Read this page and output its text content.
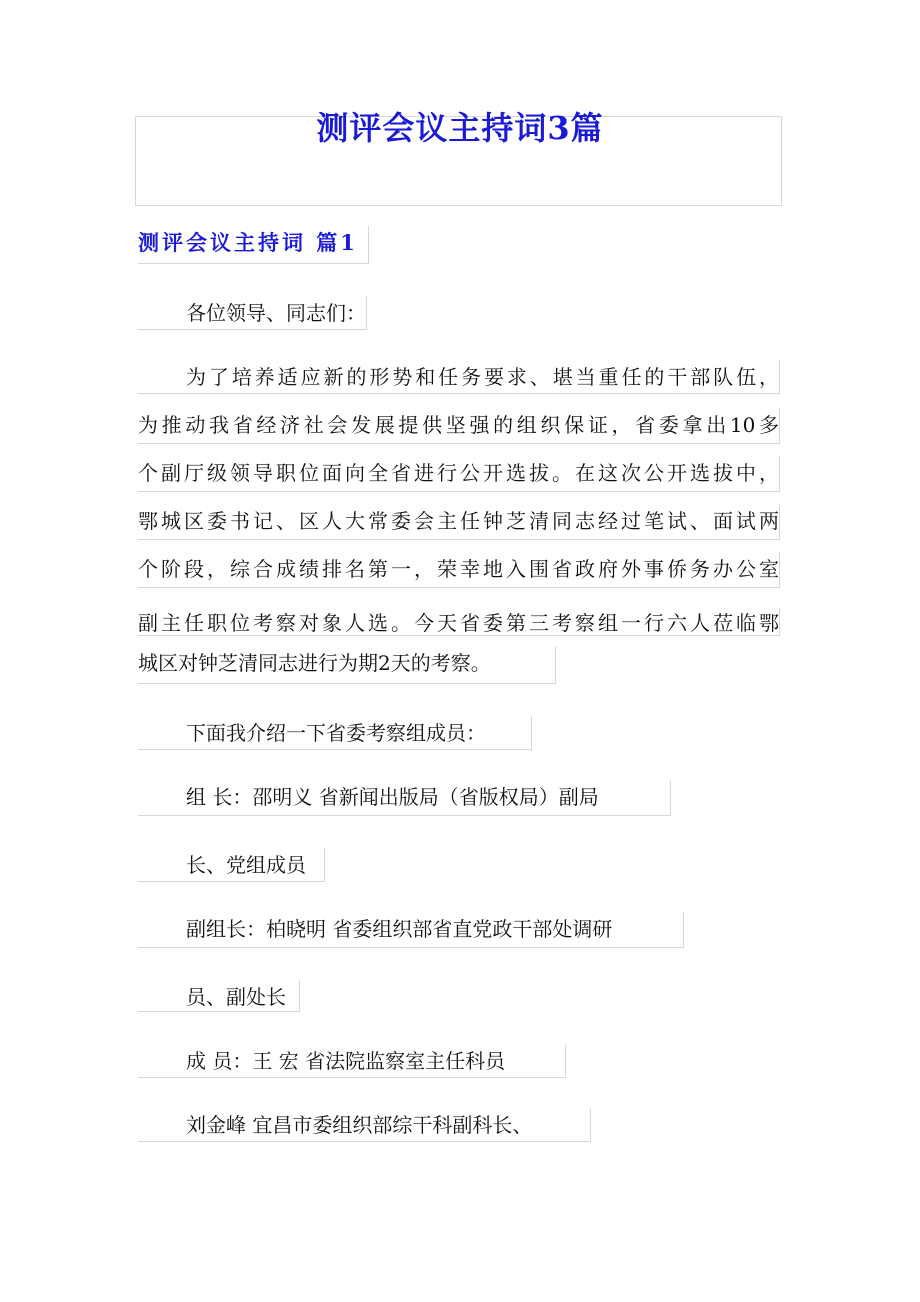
测评会议主持词3篇
测评会议主持词 篇1
各位领导、同志们：
为了培养适应新的形势和任务要求、堪当重任的干部队伍，
为推动我省经济社会发展提供坚强的组织保证，省委拿出10多
个副厅级领导职位面向全省进行公开选拔。在这次公开选拔中，
鄂城区委书记、区人大常委会主任钟芝清同志经过笔试、面试两
个阶段，综合成绩排名第一，荣幸地入围省政府外事侨务办公室
副主任职位考察对象人选。今天省委第三考察组一行六人莅临鄂
城区对钟芝清同志进行为期2天的考察。
下面我介绍一下省委考察组成员：
组 长：邵明义 省新闻出版局（省版权局）副局
长、党组成员
副组长：柏晓明 省委组织部省直党政干部处调研
员、副处长
成 员：王 宏 省法院监察室主任科员
刘金峰 宜昌市委组织部综干科副科长、
